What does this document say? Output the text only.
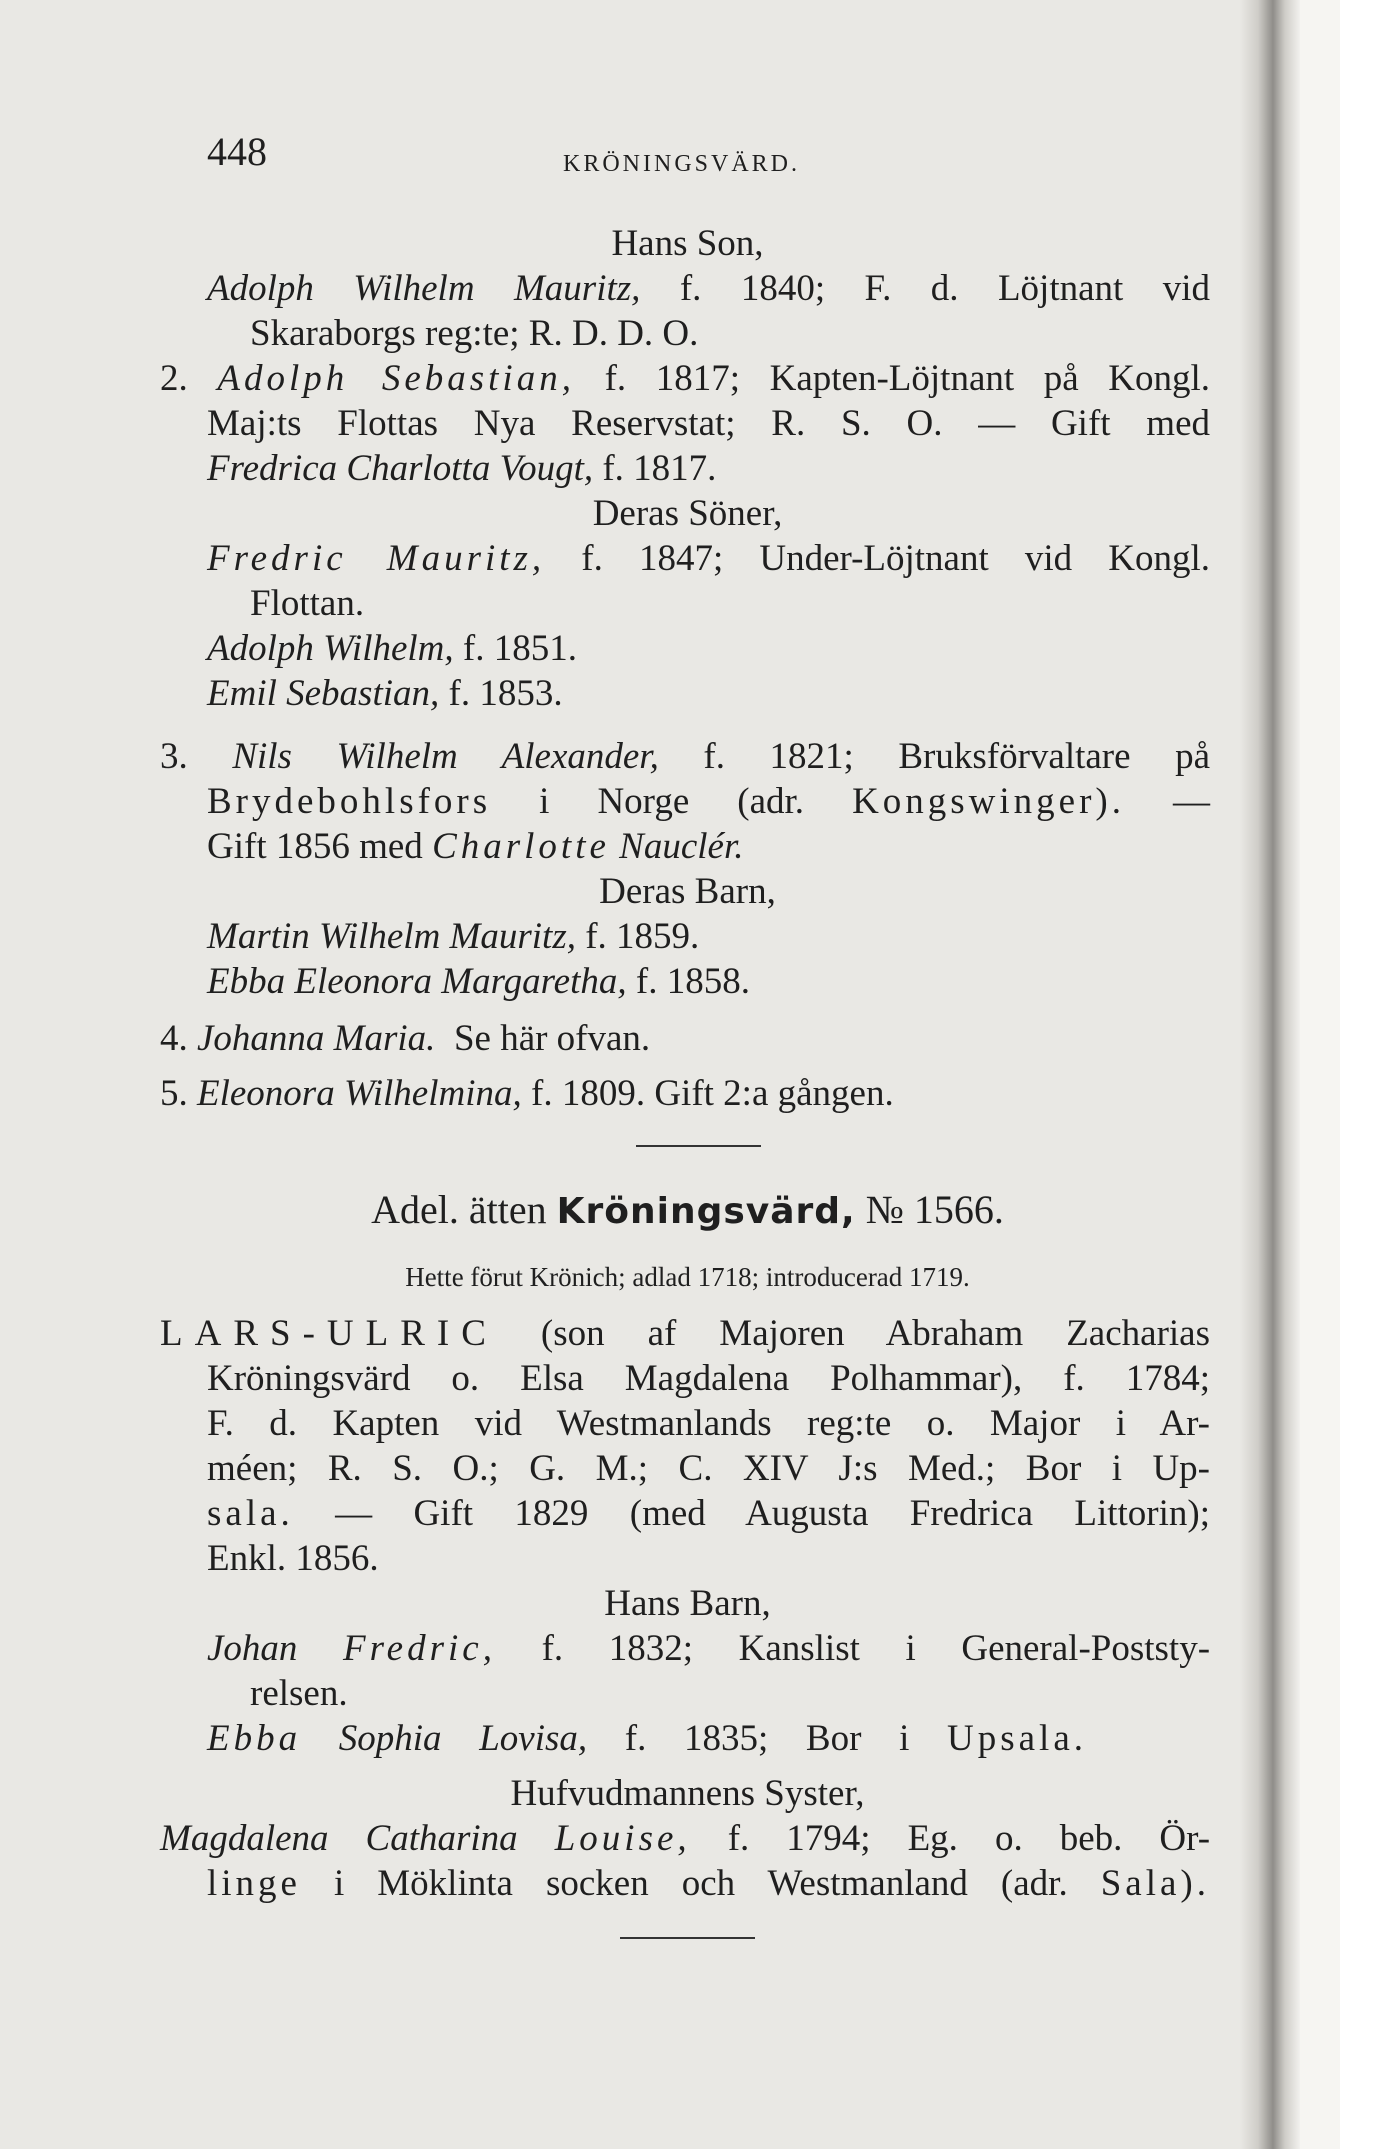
448	KRÖNINGSVÄRD.
Hans Son,
Adolph Wilhelm Mauritz, f. 1840; F. d. Löjtnant vid
Skaraborgs reg:te; R. D. D. O.
2. Adolph Sebastian, f. 1817; Kapten-Löjtnant på Kongl.
Maj:ts Flottas Nya Reservstat; R. S. O. — Gift med
Fredrica Charlotta Vougt, f. 1817.
Deras Söner,
Fredric Mauritz, f. 1847; Under-Löjtnant vid Kongl.
Flottan.
Adolph Wilhelm, f. 1851.
Emil Sebastian, f. 1853.
3. Nils Wilhelm Alexander, f. 1821; Bruksförvaltare på
Brydebohlsfors i Norge (adr. Kongswinger). —
Gift 1856 med Charlotte Nauclér.
Deras Barn,
Martin Wilhelm Mauritz, f. 1859.
Ebba Eleonora Margaretha, f. 1858.
4. Johanna Maria. Se här ofvan.
5. Eleonora Wilhelmina, f. 1809. Gift 2:a gången.
Adel. ätten Kröningsvärd, № 1566.
Hette förut Krönich; adlad 1718; introducerad 1719.
LARS-ULRIC (son af Majoren Abraham Zacharias
Kröningsvärd o. Elsa Magdalena Polhammar), f. 1784;
F. d. Kapten vid Westmanlands reg:te o. Major i Ar-
méen; R. S. O.; G. M.; C. XIV J:s Med.; Bor i Up-
sala. — Gift 1829 (med Augusta Fredrica Littorin);
Enkl. 1856.
Hans Barn,
Johan Fredric, f. 1832; Kanslist i General-Poststy-
relsen.
Ebba Sophia Lovisa, f. 1835; Bor i Upsala.
Hufvudmannens Syster,
Magdalena Catharina Louise, f. 1794; Eg. o. beb. Ör-
linge i Möklinta socken och Westmanland (adr. Sala).
